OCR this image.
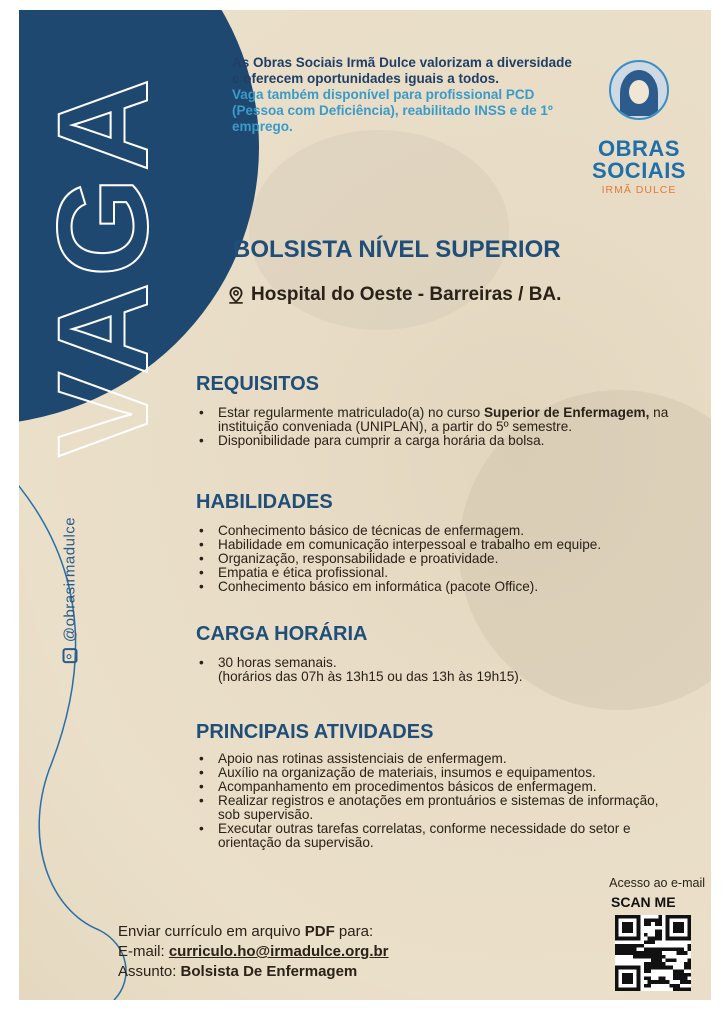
VAGA
@obrasirmadulce
As Obras Sociais Irmã Dulce valorizam a diversidade
e oferecem oportunidades iguais a todos.
Vaga também disponível para profissional PCD
(Pessoa com Deficiência), reabilitado INSS e de 1º
emprego.
OBRAS
SOCIAIS
IRMÃ DULCE
BOLSISTA NÍVEL SUPERIOR
Hospital do Oeste - Barreiras / BA.
REQUISITOS
• Estar regularmente matriculado(a) no curso Superior de Enfermagem, na instituição conveniada (UNIPLAN), a partir do 5º semestre.
• Disponibilidade para cumprir a carga horária da bolsa.
HABILIDADES
• Conhecimento básico de técnicas de enfermagem.
• Habilidade em comunicação interpessoal e trabalho em equipe.
• Organização, responsabilidade e proatividade.
• Empatia e ética profissional.
• Conhecimento básico em informática (pacote Office).
CARGA HORÁRIA
• 30 horas semanais.
(horários das 07h às 13h15 ou das 13h às 19h15).
PRINCIPAIS ATIVIDADES
• Apoio nas rotinas assistenciais de enfermagem.
• Auxílio na organização de materiais, insumos e equipamentos.
• Acompanhamento em procedimentos básicos de enfermagem.
• Realizar registros e anotações em prontuários e sistemas de informação, sob supervisão.
• Executar outras tarefas correlatas, conforme necessidade do setor e orientação da supervisão.
Acesso ao e-mail
SCAN ME
Enviar currículo em arquivo PDF para:
E-mail: curriculo.ho@irmadulce.org.br
Assunto: Bolsista De Enfermagem
